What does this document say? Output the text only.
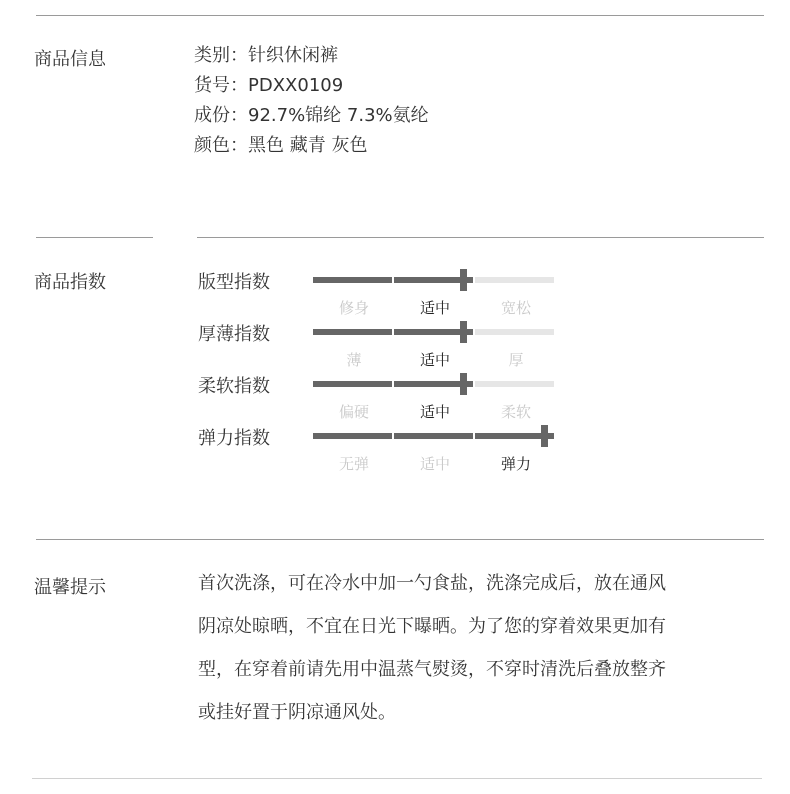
商品信息	类别：针织休闲裤
货号：PDXX0109
成份：92.7%锦纶 7.3%氨纶
颜色：黑色 藏青 灰色
商品指数	版型指数
修身	适中	宽松
厚薄指数
薄	适中	厚
柔软指数
偏硬	适中	柔软
弹力指数
无弹	适中	弹力
温馨提示	首次洗涤，可在冷水中加一勺食盐，洗涤完成后，放在通风
阴凉处晾晒，不宜在日光下曝晒。为了您的穿着效果更加有
型，在穿着前请先用中温蒸气熨烫，不穿时清洗后叠放整齐
或挂好置于阴凉通风处。
